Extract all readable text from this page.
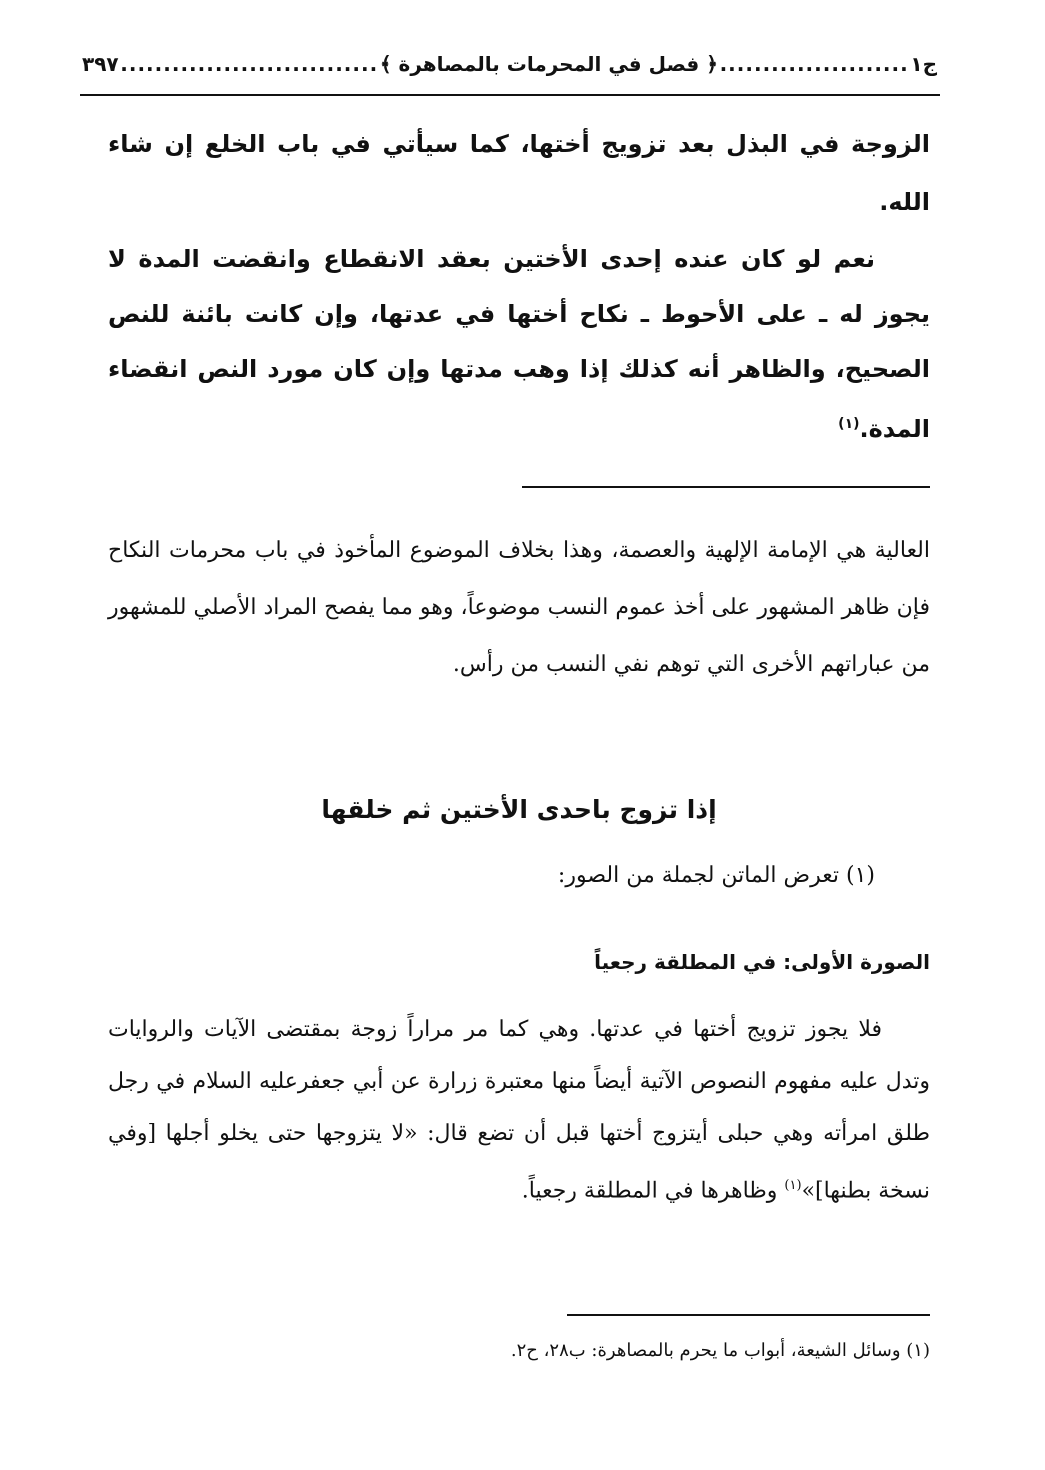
ج١
......................
﴿ فصل في المحرمات بالمصاهرة ﴾
..............................
٣٩٧
الزوجة في البذل بعد تزويج أختها، كما سيأتي في باب الخلع إن شاء الله.
نعم لو كان عنده إحدى الأختين بعقد الانقطاع وانقضت المدة لا يجوز له ـ على الأحوط ـ نكاح أختها في عدتها، وإن كانت بائنة للنص الصحيح، والظاهر أنه كذلك إذا وهب مدتها وإن كان مورد النص انقضاء المدة.$^{(١)}$
العالية هي الإمامة الإلهية والعصمة، وهذا بخلاف الموضوع المأخوذ في باب محرمات النكاح فإن ظاهر المشهور على أخذ عموم النسب موضوعاً، وهو مما يفصح المراد الأصلي للمشهور من عباراتهم الأخرى التي توهم نفي النسب من رأس.
إذا تزوج باحدى الأختين ثم خلقها
(١) تعرض الماتن لجملة من الصور:
الصورة الأولى: في المطلقة رجعياً
فلا يجوز تزويج أختها في عدتها. وهي كما مر مراراً زوجة بمقتضى الآيات والروايات وتدل عليه مفهوم النصوص الآتية أيضاً منها معتبرة زرارة عن أبي جعفرعليه السلام في رجل طلق امرأته وهي حبلى أيتزوج أختها قبل أن تضع قال: «لا يتزوجها حتى يخلو أجلها [وفي نسخة بطنها]»$^{(١)}$ وظاهرها في المطلقة رجعياً.
(١) وسائل الشيعة، أبواب ما يحرم بالمصاهرة: ب٢٨، ح٢.
